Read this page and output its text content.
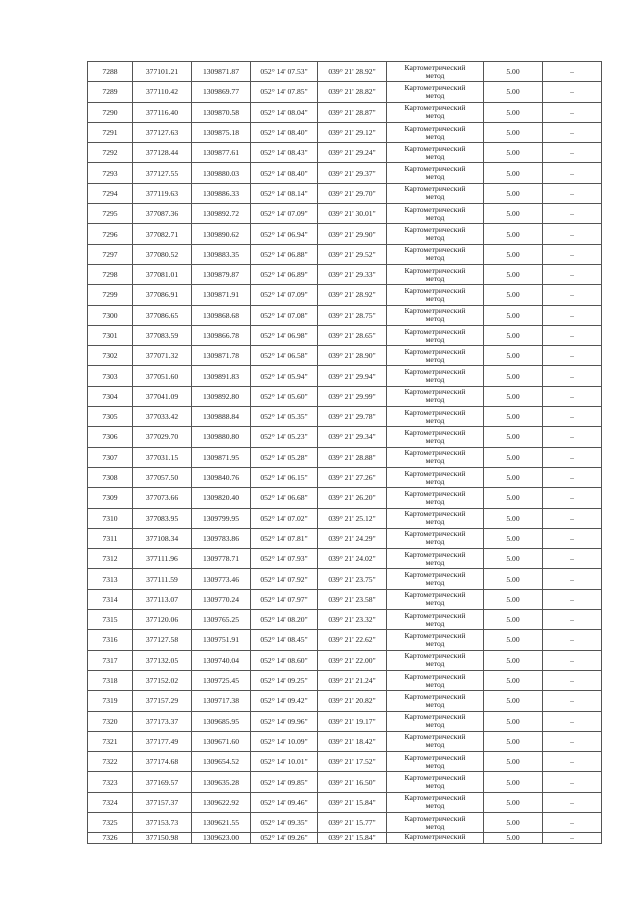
7288	377101.21	1309871.87	052° 14' 07.53"	039° 21' 28.92"	Картометрический
метод	5.00	–
7289	377110.42	1309869.77	052° 14' 07.85"	039° 21' 28.82"	Картометрический
метод	5.00	–
7290	377116.40	1309870.58	052° 14' 08.04"	039° 21' 28.87"	Картометрический
метод	5.00	–
7291	377127.63	1309875.18	052° 14' 08.40"	039° 21' 29.12"	Картометрический
метод	5.00	–
7292	377128.44	1309877.61	052° 14' 08.43"	039° 21' 29.24"	Картометрический
метод	5.00	–
7293	377127.55	1309880.03	052° 14' 08.40"	039° 21' 29.37"	Картометрический
метод	5.00	–
7294	377119.63	1309886.33	052° 14' 08.14"	039° 21' 29.70"	Картометрический
метод	5.00	–
7295	377087.36	1309892.72	052° 14' 07.09"	039° 21' 30.01"	Картометрический
метод	5.00	–
7296	377082.71	1309890.62	052° 14' 06.94"	039° 21' 29.90"	Картометрический
метод	5.00	–
7297	377080.52	1309883.35	052° 14' 06.88"	039° 21' 29.52"	Картометрический
метод	5.00	–
7298	377081.01	1309879.87	052° 14' 06.89"	039° 21' 29.33"	Картометрический
метод	5.00	–
7299	377086.91	1309871.91	052° 14' 07.09"	039° 21' 28.92"	Картометрический
метод	5.00	–
7300	377086.65	1309868.68	052° 14' 07.08"	039° 21' 28.75"	Картометрический
метод	5.00	–
7301	377083.59	1309866.78	052° 14' 06.98"	039° 21' 28.65"	Картометрический
метод	5.00	–
7302	377071.32	1309871.78	052° 14' 06.58"	039° 21' 28.90"	Картометрический
метод	5.00	–
7303	377051.60	1309891.83	052° 14' 05.94"	039° 21' 29.94"	Картометрический
метод	5.00	–
7304	377041.09	1309892.80	052° 14' 05.60"	039° 21' 29.99"	Картометрический
метод	5.00	–
7305	377033.42	1309888.84	052° 14' 05.35"	039° 21' 29.78"	Картометрический
метод	5.00	–
7306	377029.70	1309880.80	052° 14' 05.23"	039° 21' 29.34"	Картометрический
метод	5.00	–
7307	377031.15	1309871.95	052° 14' 05.28"	039° 21' 28.88"	Картометрический
метод	5.00	–
7308	377057.50	1309840.76	052° 14' 06.15"	039° 21' 27.26"	Картометрический
метод	5.00	–
7309	377073.66	1309820.40	052° 14' 06.68"	039° 21' 26.20"	Картометрический
метод	5.00	–
7310	377083.95	1309799.95	052° 14' 07.02"	039° 21' 25.12"	Картометрический
метод	5.00	–
7311	377108.34	1309783.86	052° 14' 07.81"	039° 21' 24.29"	Картометрический
метод	5.00	–
7312	377111.96	1309778.71	052° 14' 07.93"	039° 21' 24.02"	Картометрический
метод	5.00	–
7313	377111.59	1309773.46	052° 14' 07.92"	039° 21' 23.75"	Картометрический
метод	5.00	–
7314	377113.07	1309770.24	052° 14' 07.97"	039° 21' 23.58"	Картометрический
метод	5.00	–
7315	377120.06	1309765.25	052° 14' 08.20"	039° 21' 23.32"	Картометрический
метод	5.00	–
7316	377127.58	1309751.91	052° 14' 08.45"	039° 21' 22.62"	Картометрический
метод	5.00	–
7317	377132.05	1309740.04	052° 14' 08.60"	039° 21' 22.00"	Картометрический
метод	5.00	–
7318	377152.02	1309725.45	052° 14' 09.25"	039° 21' 21.24"	Картометрический
метод	5.00	–
7319	377157.29	1309717.38	052° 14' 09.42"	039° 21' 20.82"	Картометрический
метод	5.00	–
7320	377173.37	1309685.95	052° 14' 09.96"	039° 21' 19.17"	Картометрический
метод	5.00	–
7321	377177.49	1309671.60	052° 14' 10.09"	039° 21' 18.42"	Картометрический
метод	5.00	–
7322	377174.68	1309654.52	052° 14' 10.01"	039° 21' 17.52"	Картометрический
метод	5.00	–
7323	377169.57	1309635.28	052° 14' 09.85"	039° 21' 16.50"	Картометрический
метод	5.00	–
7324	377157.37	1309622.92	052° 14' 09.46"	039° 21' 15.84"	Картометрический
метод	5.00	–
7325	377153.73	1309621.55	052° 14' 09.35"	039° 21' 15.77"	Картометрический
метод	5.00	–
7326	377150.98	1309623.00	052° 14' 09.26"	039° 21' 15.84"	Картометрический	5.00	–
